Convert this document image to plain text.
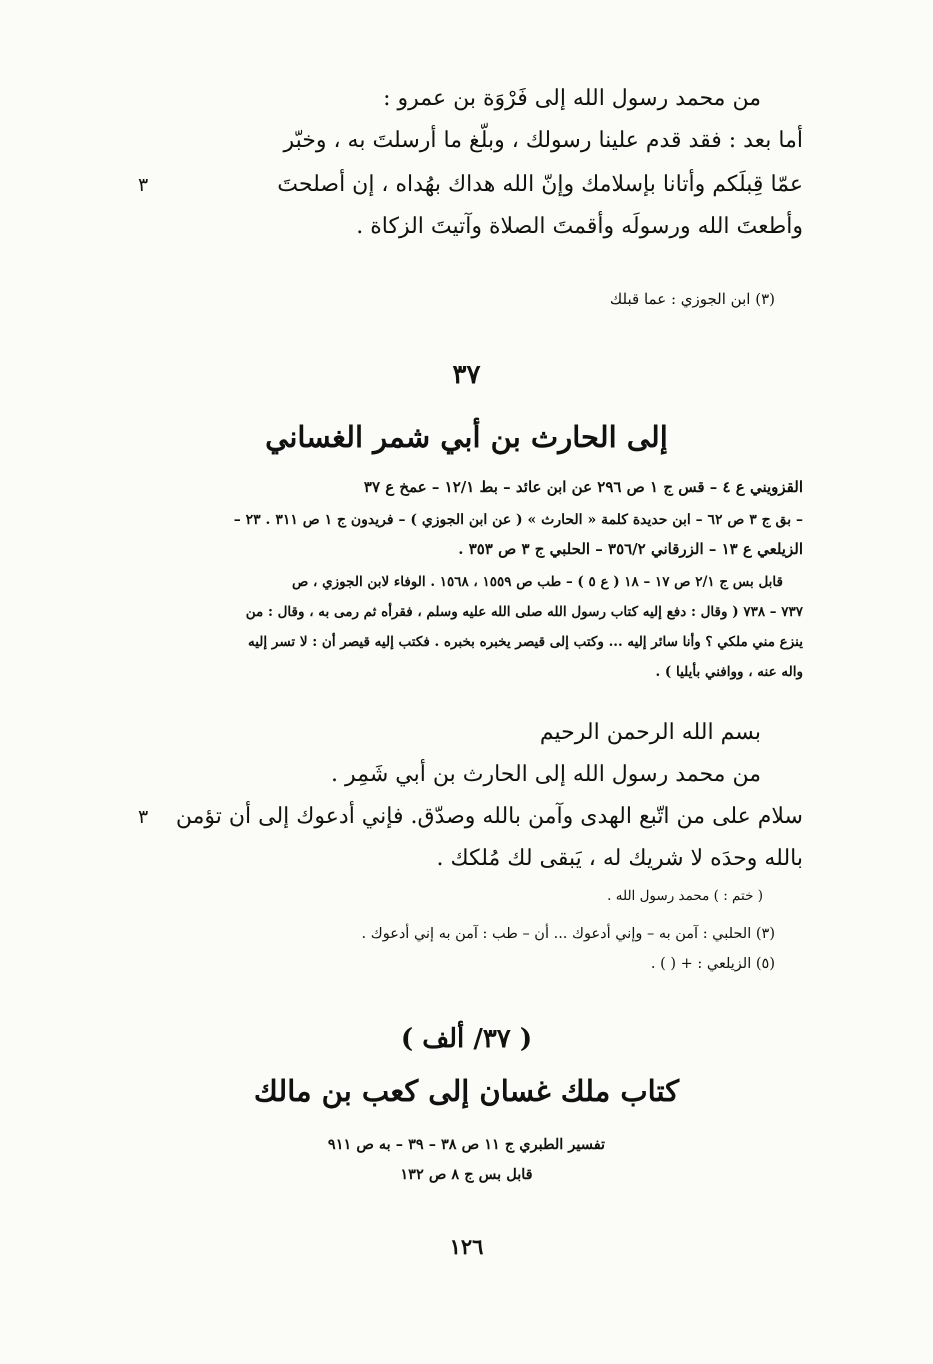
من محمد رسول الله إلى فَرْوَة بن عمرو :
أما بعد : فقد قدم علينا رسولك ، وبلّغ ما أرسلتَ به ، وخبّر
عمّا قِبلَكم وأتانا بإسلامك وإنّ الله هداك بهُداه ، إن أصلحتَ
٣
وأطعتَ الله ورسولَه وأقمتَ الصلاة وآتيتَ الزكاة .
(٣) ابن الجوزي : عما قبلك
٣٧
إلى الحارث بن أبي شمر الغساني
القزويني ع ٤ – قس ج ١ ص ٢٩٦ عن ابن عائد – بط ١٢/١ – عمخ ع ٣٧
– بق ج ٣ ص ٦٢ – ابن حديدة كلمة « الحارث » ( عن ابن الجوزي ) – فريدون ج ١ ص ٣١١ . ٢٣ –
الزيلعي ع ١٣ – الزرقاني ٣٥٦/٢ – الحلبي ج ٣ ص ٣٥٣ .
قابل بس ج ٢/١ ص ١٧ – ١٨ ( ع ٥ ) – طب ص ١٥٥٩ ، ١٥٦٨ . الوفاء لابن الجوزي ، ص
٧٣٧ – ٧٣٨ ( وقال : دفع إليه كتاب رسول الله صلى الله عليه وسلم ، فقرأه ثم رمى به ، وقال : من
ينزع مني ملكي ؟ وأنا سائر إليه ... وكتب إلى قيصر يخبره بخبره . فكتب إليه قيصر أن : لا تسر إليه
واله عنه ، ووافني بأيليا ) .
بسم الله الرحمن الرحيم
من محمد رسول الله إلى الحارث بن أبي شَمِر .
سلام على من اتّبع الهدى وآمن بالله وصدّق. فإني أدعوك إلى أن تؤمن
٣
بالله وحدَه لا شريك له ، يَبقى لك مُلكك .
( ختم : ) محمد رسول الله .
(٣) الحلبي : آمن به – وإني أدعوك ... أن – طب : آمن به إني أدعوك .
(٥) الزيلعي : + ( ) .
( ٣٧/ ألف )
كتاب ملك غسان إلى كعب بن مالك
تفسير الطبري ج ١١ ص ٣٨ – ٣٩ – به ص ٩١١
قابل بس ج ٨ ص ١٣٢
١٢٦
